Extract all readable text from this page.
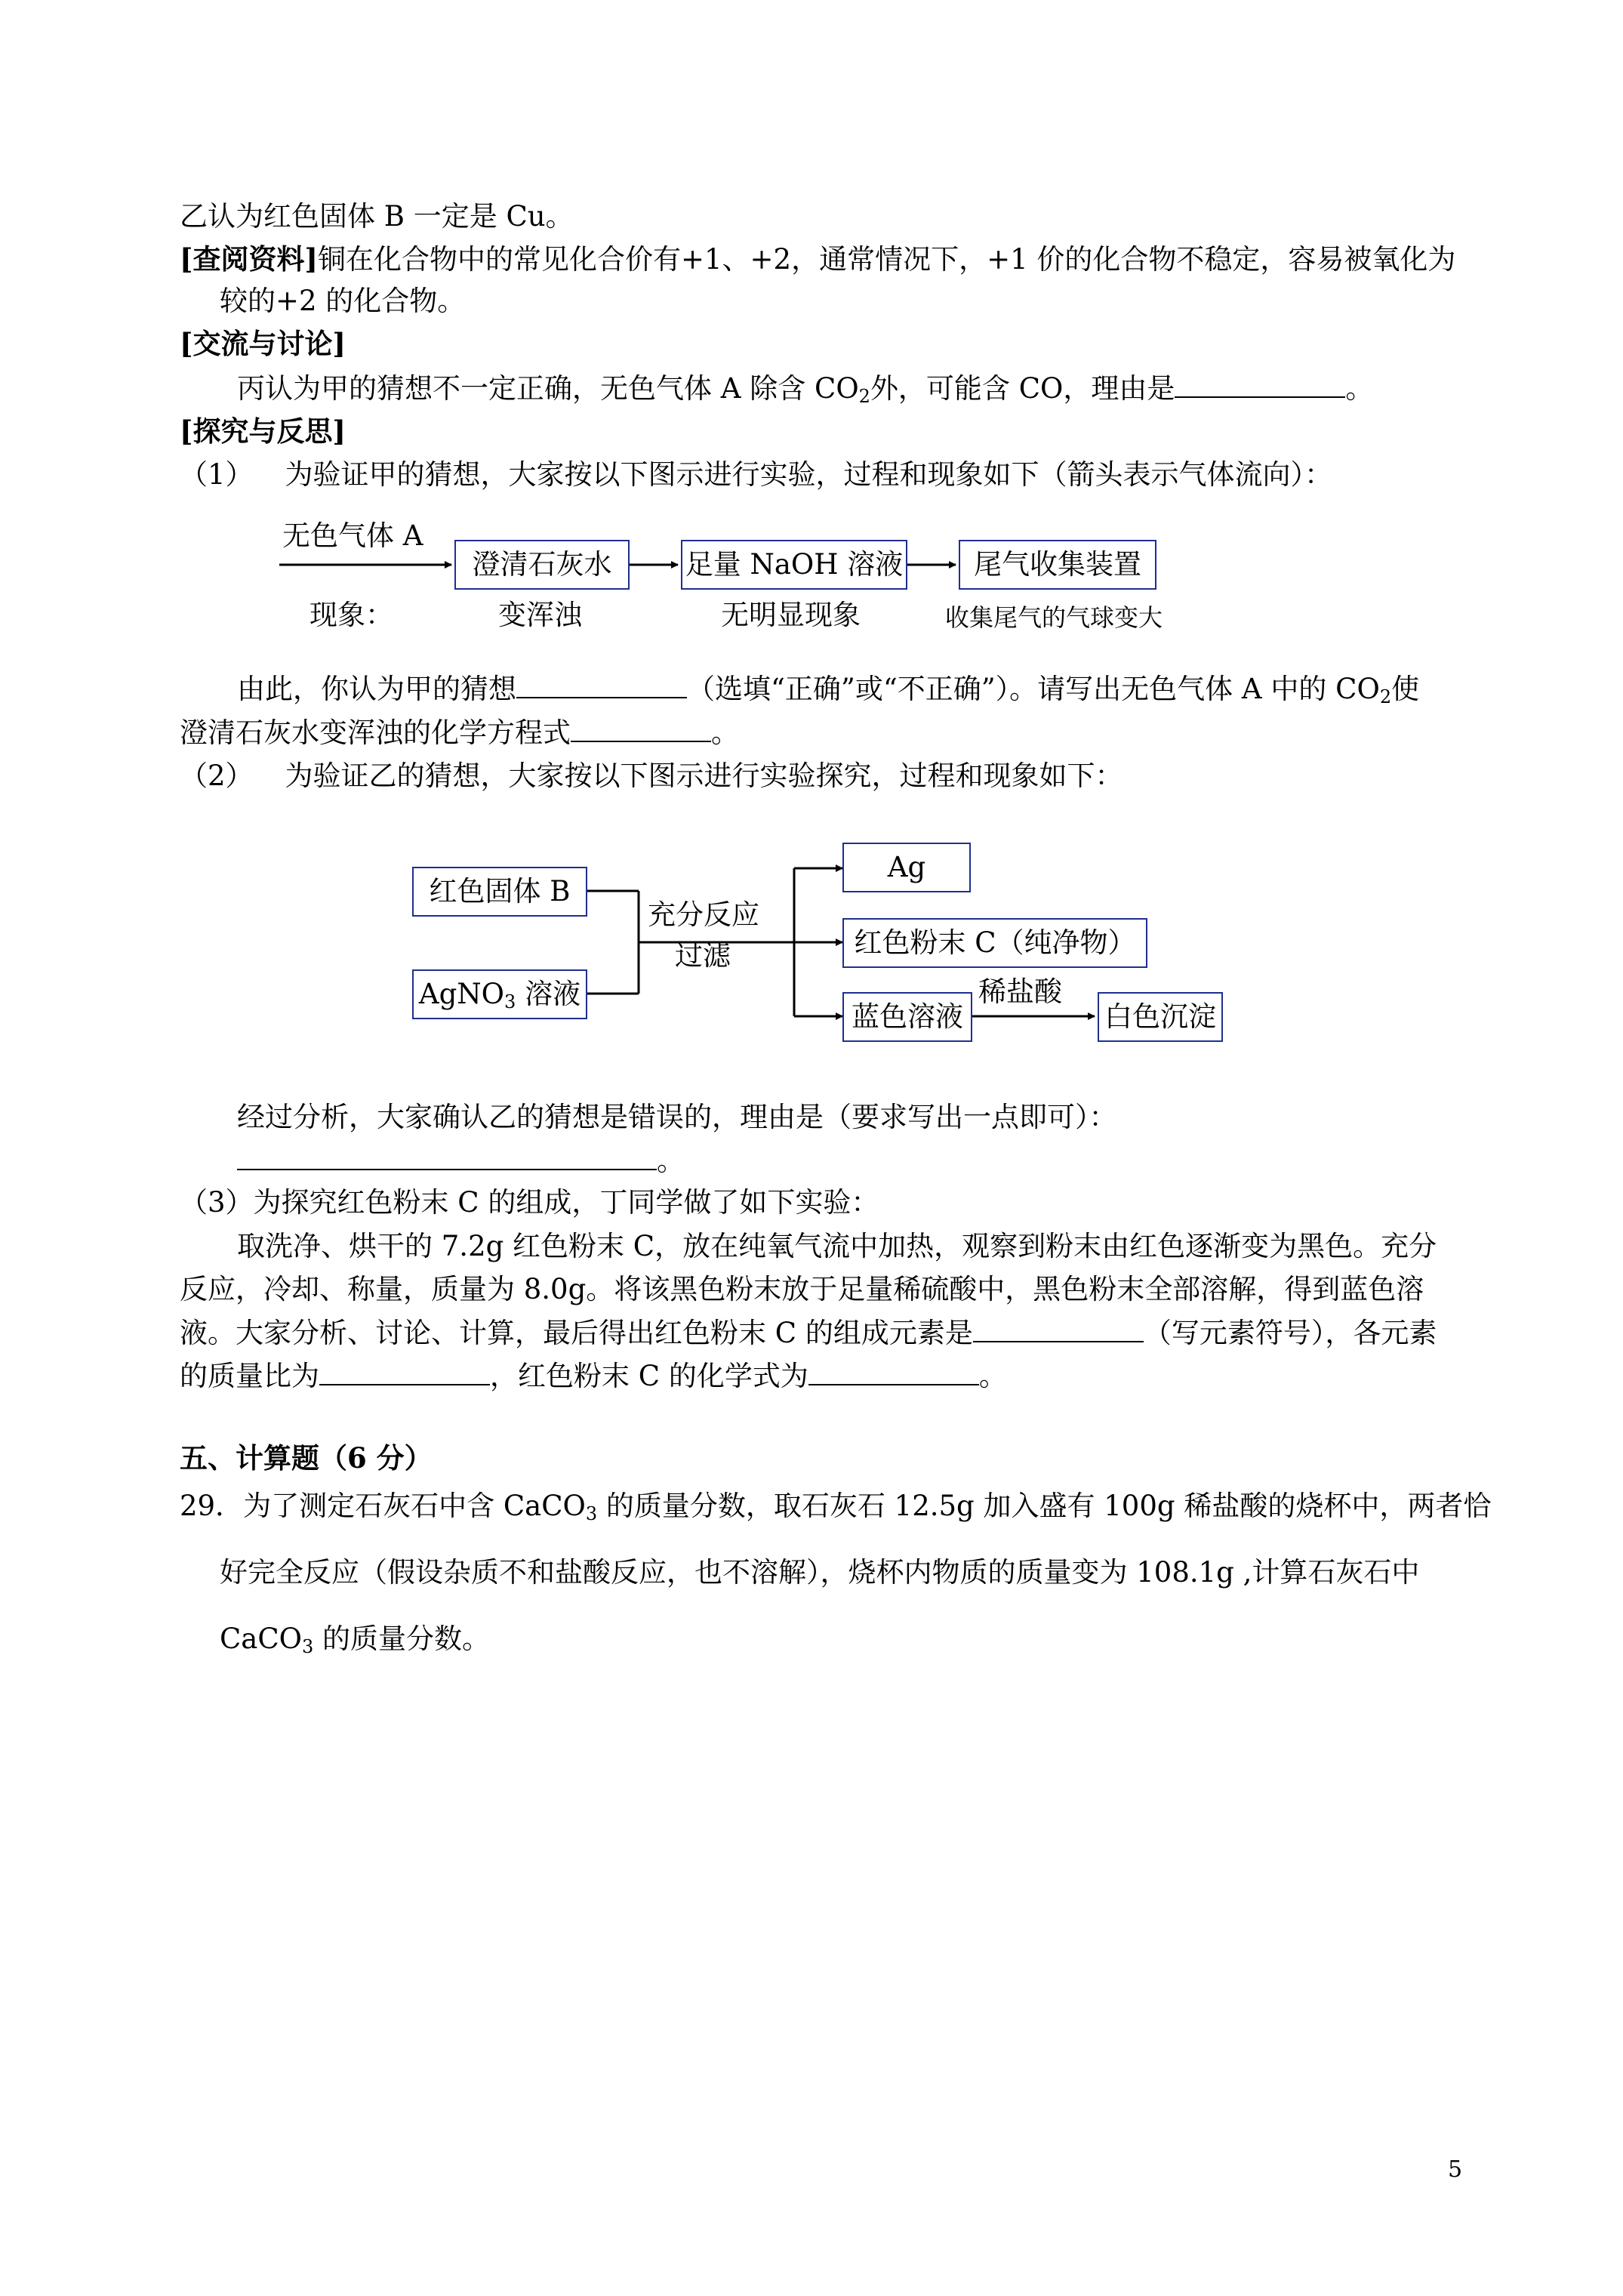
乙认为红色固体 B 一定是 Cu。
[查阅资料]铜在化合物中的常见化合价有+1、+2，通常情况下，+1 价的化合物不稳定，容易被氧化为
较的+2 的化合物。
[交流与讨论]
丙认为甲的猜想不一定正确，无色气体 A 除含 $CO_2$外，可能含 CO，理由是	。
[探究与反思]
（1） 为验证甲的猜想，大家按以下图示进行实验，过程和现象如下（箭头表示气体流向）：
无色气体 A
澄清石灰水	足量 NaOH 溶液	尾气收集装置
现象：	变浑浊	无明显现象	收集尾气的气球变大
由此，你认为甲的猜想	（选填“正确”或“不正确”）。请写出无色气体 A 中的 $CO_2$使
澄清石灰水变浑浊的化学方程式	。
（2） 为验证乙的猜想，大家按以下图示进行实验探究，过程和现象如下：
红色固体 B
AgNO$_3$ 溶液
充分反应
过滤
Ag
红色粉末 C（纯净物）
蓝色溶液
稀盐酸
白色沉淀
经过分析，大家确认乙的猜想是错误的，理由是（要求写出一点即可）：
。
（3）为探究红色粉末 C 的组成，丁同学做了如下实验：
取洗净、烘干的 7.2g 红色粉末 C，放在纯氧气流中加热，观察到粉末由红色逐渐变为黑色。充分
反应，冷却、称量，质量为 8.0g。将该黑色粉末放于足量稀硫酸中，黑色粉末全部溶解，得到蓝色溶
液。大家分析、讨论、计算，最后得出红色粉末 C 的组成元素是	（写元素符号），各元素
的质量比为	，红色粉末 C 的化学式为	。
五、计算题（6 分）
29．为了测定石灰石中含 CaCO$_3$ 的质量分数，取石灰石 12.5g 加入盛有 100g 稀盐酸的烧杯中，两者恰
好完全反应（假设杂质不和盐酸反应，也不溶解），烧杯内物质的质量变为 108.1g ,计算石灰石中
CaCO$_3$ 的质量分数。
5
